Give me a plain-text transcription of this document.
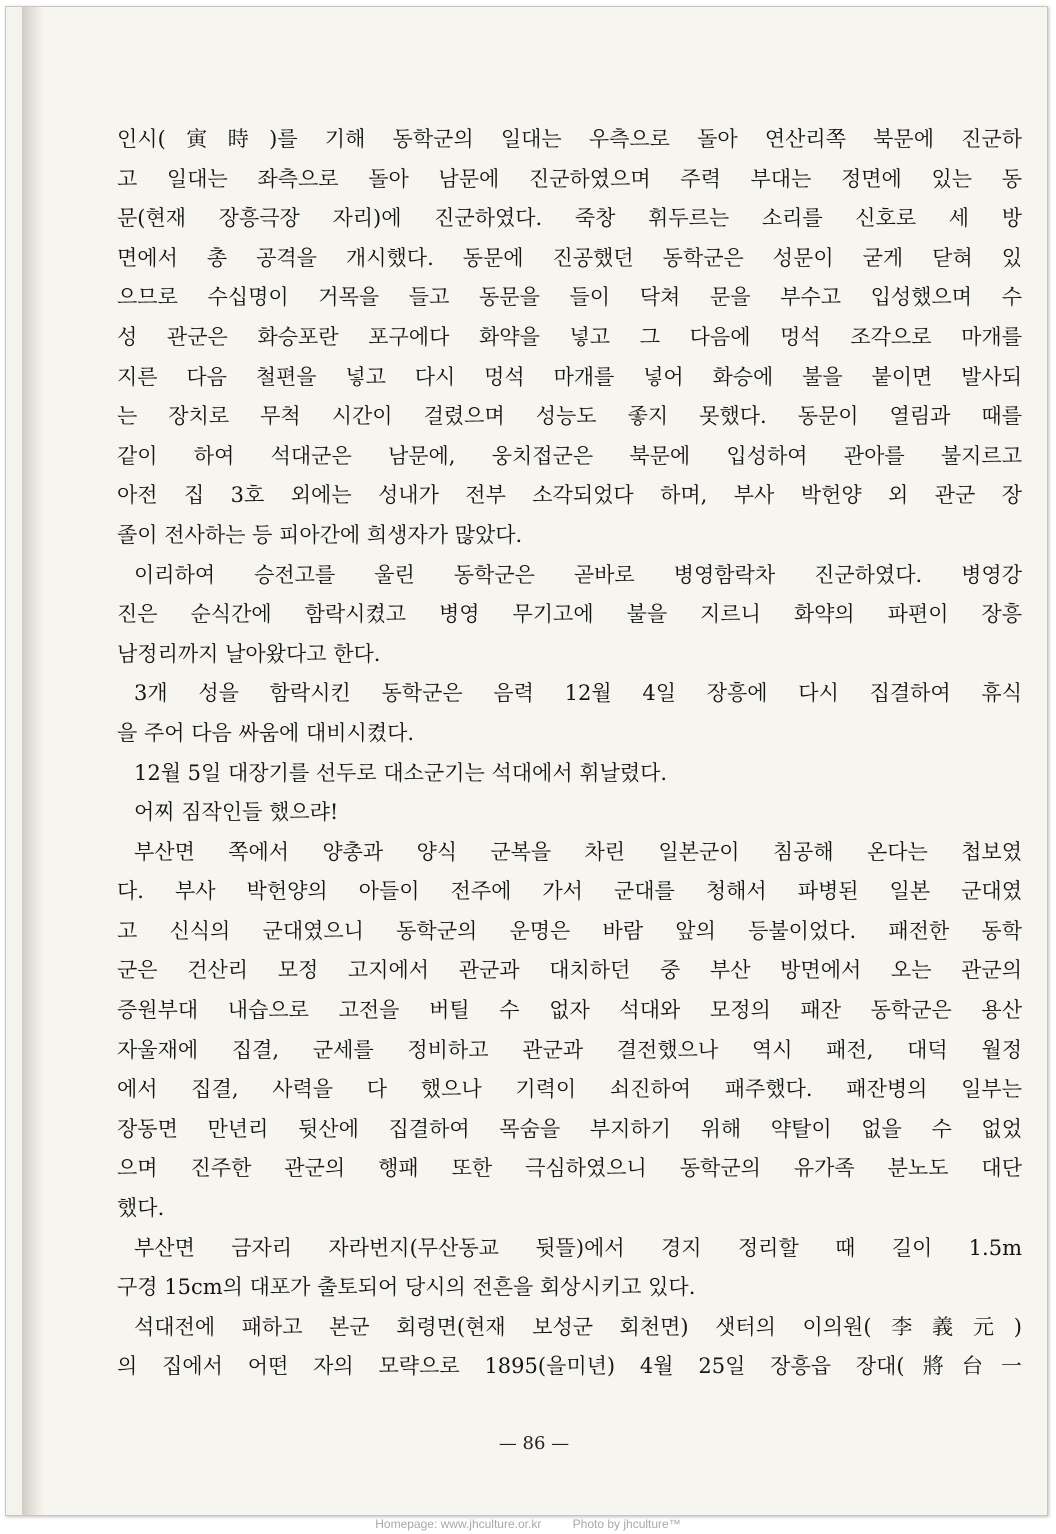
인시(寅時)를 기해 동학군의 일대는 우측으로 돌아 연산리쪽 북문에 진군하
고 일대는 좌측으로 돌아 남문에 진군하였으며 주력 부대는 정면에 있는 동
문(현재 장흥극장 자리)에 진군하였다. 죽창 휘두르는 소리를 신호로 세 방
면에서 총 공격을 개시했다. 동문에 진공했던 동학군은 성문이 굳게 닫혀 있
으므로 수십명이 거목을 들고 동문을 들이 닥쳐 문을 부수고 입성했으며 수
성 관군은 화승포란 포구에다 화약을 넣고 그 다음에 멍석 조각으로 마개를
지른 다음 철편을 넣고 다시 멍석 마개를 넣어 화승에 불을 붙이면 발사되
는 장치로 무척 시간이 걸렸으며 성능도 좋지 못했다. 동문이 열림과 때를
같이 하여 석대군은 남문에, 웅치접군은 북문에 입성하여 관아를 불지르고
아전 집 3호 외에는 성내가 전부 소각되었다 하며, 부사 박헌양 외 관군 장
졸이 전사하는 등 피아간에 희생자가 많았다.
이리하여 승전고를 울린 동학군은 곧바로 병영함락차 진군하였다. 병영강
진은 순식간에 함락시켰고 병영 무기고에 불을 지르니 화약의 파편이 장흥
남정리까지 날아왔다고 한다.
3개 성을 함락시킨 동학군은 음력 12월 4일 장흥에 다시 집결하여 휴식
을 주어 다음 싸움에 대비시켰다.
12월 5일 대장기를 선두로 대소군기는 석대에서 휘날렸다.
어찌 짐작인들 했으랴!
부산면 쪽에서 양총과 양식 군복을 차린 일본군이 침공해 온다는 첩보였
다. 부사 박헌양의 아들이 전주에 가서 군대를 청해서 파병된 일본 군대였
고 신식의 군대였으니 동학군의 운명은 바람 앞의 등불이었다. 패전한 동학
군은 건산리 모정 고지에서 관군과 대치하던 중 부산 방면에서 오는 관군의
증원부대 내습으로 고전을 버틸 수 없자 석대와 모정의 패잔 동학군은 용산
자울재에 집결, 군세를 정비하고 관군과 결전했으나 역시 패전, 대덕 월정
에서 집결, 사력을 다 했으나 기력이 쇠진하여 패주했다. 패잔병의 일부는
장동면 만년리 뒷산에 집결하여 목숨을 부지하기 위해 약탈이 없을 수 없었
으며 진주한 관군의 행패 또한 극심하였으니 동학군의 유가족 분노도 대단
했다.
부산면 금자리 자라번지(무산동교 뒷뜰)에서 경지 정리할 때 길이 1.5m
구경 15cm의 대포가 출토되어 당시의 전흔을 회상시키고 있다.
석대전에 패하고 본군 회령면(현재 보성군 회천면) 샛터의 이의원(李義元)
의 집에서 어떤 자의 모략으로 1895(을미년) 4월 25일 장흥읍 장대(將台一
— 86 —
Homepage: www.jhculture.or.kr	Photo by jhculture™
